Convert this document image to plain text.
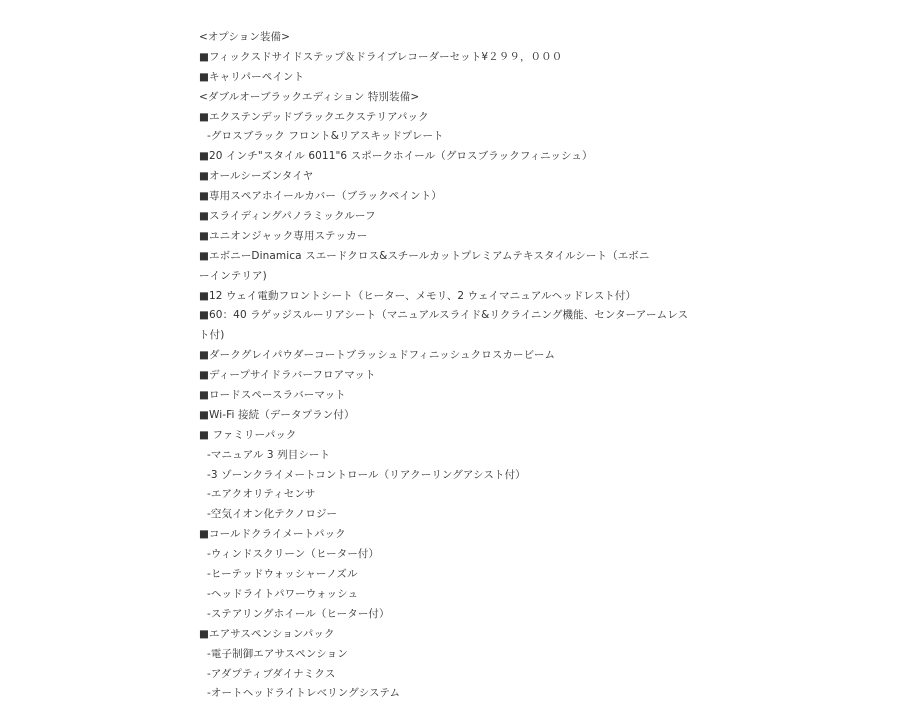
<オプション装備>
■フィックスドサイドステップ＆ドライブレコーダーセット¥２９９，０００
■キャリパーペイント
<ダブルオーブラックエディション 特別装備>
■エクステンデッドブラックエクステリアパック
-グロスブラック フロント&リアスキッドプレート
■20 インチ"スタイル 6011"6 スポークホイール（グロスブラックフィニッシュ）
■オールシーズンタイヤ
■専用スペアホイールカバー（ブラックペイント）
■スライディングパノラミックルーフ
■ユニオンジャック専用ステッカー
■エボニーDinamica スエードクロス&スチールカットプレミアムテキスタイルシート（エボニ
ーインテリア)
■12 ウェイ電動フロントシート（ヒーター、メモリ、2 ウェイマニュアルヘッドレスト付）
■60：40 ラゲッジスルーリアシート（マニュアルスライド&リクライニング機能、センターアームレス
ト付)
■ダークグレイパウダーコートブラッシュドフィニッシュクロスカービーム
■ディープサイドラバーフロアマット
■ロードスペースラバーマット
■Wi-Fi 接続（データプラン付）
■ ファミリーパック
-マニュアル 3 列目シート
-3 ゾーンクライメートコントロール（リアクーリングアシスト付）
-エアクオリティセンサ
-空気イオン化テクノロジー
■コールドクライメートパック
-ウィンドスクリーン（ヒーター付）
-ヒーテッドウォッシャーノズル
-ヘッドライトパワーウォッシュ
-ステアリングホイール（ヒーター付）
■エアサスペンションパック
-電子制御エアサスペンション
-アダプティブダイナミクス
-オートヘッドライトレベリングシステム
